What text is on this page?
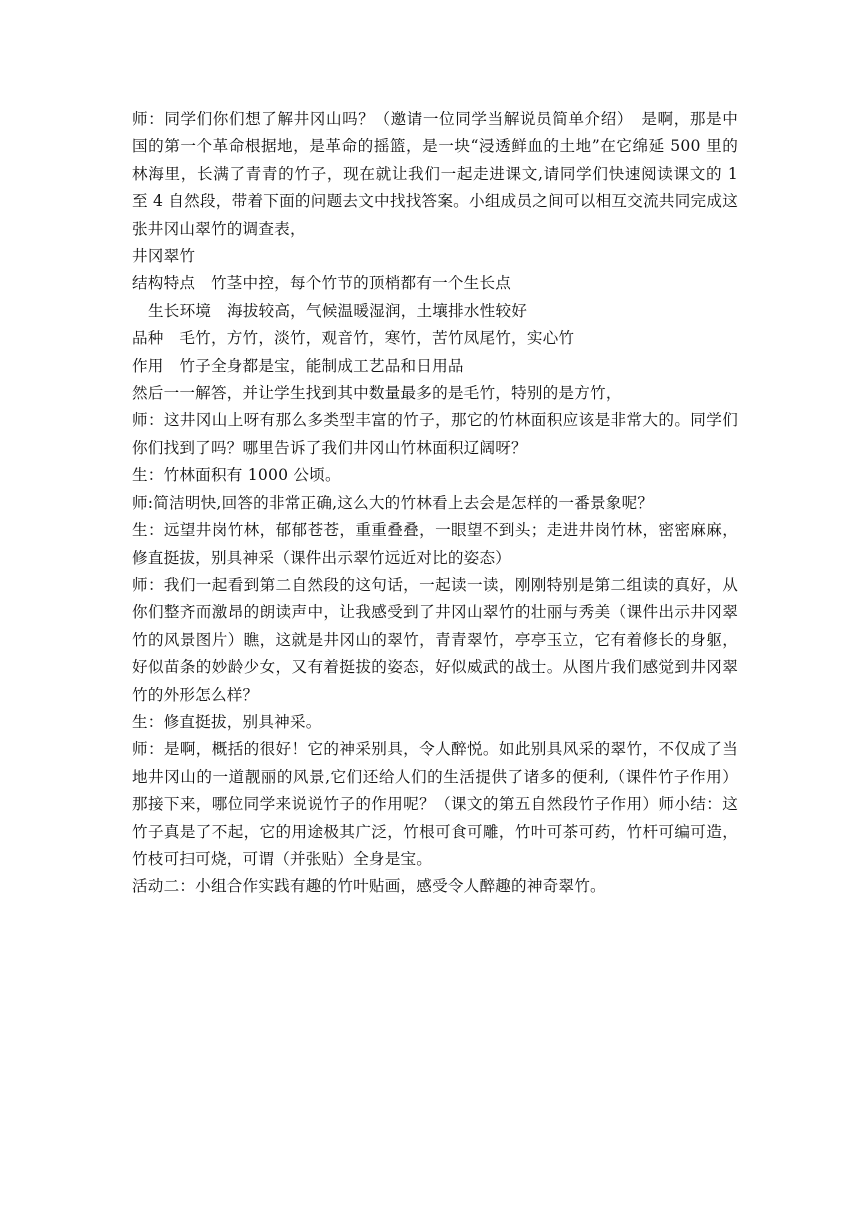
师：同学们你们想了解井冈山吗？（邀请一位同学当解说员简单介绍）　是啊，那是中国的第一个革命根据地，是革命的摇篮，是一块“浸透鲜血的土地”在它绵延 500 里的林海里，长满了青青的竹子，现在就让我们一起走进课文,请同学们快速阅读课文的 1 至 4 自然段，带着下面的问题去文中找找答案。小组成员之间可以相互交流共同完成这张井冈山翠竹的调查表，

井冈翠竹

结构特点　竹茎中控，每个竹节的顶梢都有一个生长点

生长环境　海拔较高，气候温暖湿润，土壤排水性较好

品种　毛竹，方竹，淡竹，观音竹，寒竹，苦竹凤尾竹，实心竹

作用　竹子全身都是宝，能制成工艺品和日用品

然后一一解答，并让学生找到其中数量最多的是毛竹，特别的是方竹，

师：这井冈山上呀有那么多类型丰富的竹子，那它的竹林面积应该是非常大的。同学们你们找到了吗？哪里告诉了我们井冈山竹林面积辽阔呀？

生：竹林面积有 1000 公顷。

师:简洁明快,回答的非常正确,这么大的竹林看上去会是怎样的一番景象呢？

生：远望井岗竹林，郁郁苍苍，重重叠叠，一眼望不到头；走进井岗竹林，密密麻麻，修直挺拔，别具神采（课件出示翠竹远近对比的姿态）

师：我们一起看到第二自然段的这句话，一起读一读，刚刚特别是第二组读的真好，从你们整齐而激昂的朗读声中，让我感受到了井冈山翠竹的壮丽与秀美（课件出示井冈翠竹的风景图片）瞧，这就是井冈山的翠竹，青青翠竹，亭亭玉立，它有着修长的身躯，好似苗条的妙龄少女，又有着挺拔的姿态，好似威武的战士。从图片我们感觉到井冈翠竹的外形怎么样？

生：修直挺拔，别具神采。

师：是啊，概括的很好！它的神采别具，令人醉悦。如此别具风采的翠竹，不仅成了当地井冈山的一道靓丽的风景,它们还给人们的生活提供了诸多的便利,（课件竹子作用）那接下来，哪位同学来说说竹子的作用呢？（课文的第五自然段竹子作用）师小结：这竹子真是了不起，它的用途极其广泛，竹根可食可雕，竹叶可茶可药，竹杆可编可造，竹枝可扫可烧，可谓（并张贴）全身是宝。

活动二：小组合作实践有趣的竹叶贴画，感受令人醉趣的神奇翠竹。
